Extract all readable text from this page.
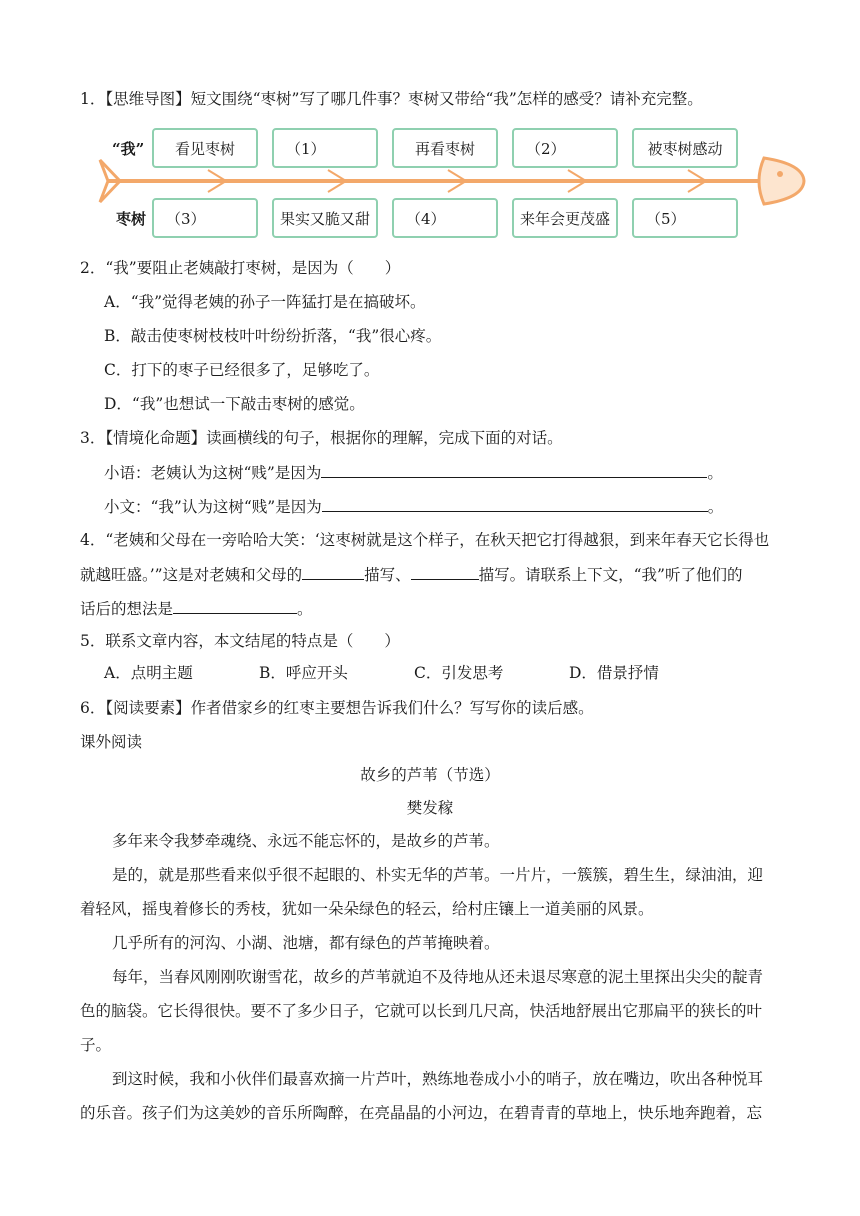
1．【思维导图】短文围绕“枣树”写了哪几件事？枣树又带给“我”怎样的感受？请补充完整。
“我”
枣树
看见枣树	（1）	再看枣树	（2）	被枣树感动
（3）	果实又脆又甜	（4）	来年会更茂盛	（5）
2．“我”要阻止老姨敲打枣树，是因为（　　）
A．“我”觉得老姨的孙子一阵猛打是在搞破坏。
B．敲击使枣树枝枝叶叶纷纷折落，“我”很心疼。
C．打下的枣子已经很多了，足够吃了。
D．“我”也想试一下敲击枣树的感觉。
3．【情境化命题】读画横线的句子，根据你的理解，完成下面的对话。
小语：老姨认为这树“贱”是因为	。
小文：“我”认为这树“贱”是因为	。
4．“老姨和父母在一旁哈哈大笑：‘这枣树就是这个样子，在秋天把它打得越狠，到来年春天它长得也
就越旺盛。’”这是对老姨和父母的	描写、	描写。请联系上下文，“我”听了他们的
话后的想法是	。
5．联系文章内容，本文结尾的特点是（　　）
A．点明主题	B．呼应开头	C．引发思考	D．借景抒情
6．【阅读要素】作者借家乡的红枣主要想告诉我们什么？写写你的读后感。
课外阅读
故乡的芦苇（节选）
樊发稼
多年来令我梦牵魂绕、永远不能忘怀的，是故乡的芦苇。
是的，就是那些看来似乎很不起眼的、朴实无华的芦苇。一片片，一簇簇，碧生生，绿油油，迎
着轻风，摇曳着修长的秀枝，犹如一朵朵绿色的轻云，给村庄镶上一道美丽的风景。
几乎所有的河沟、小湖、池塘，都有绿色的芦苇掩映着。
每年，当春风刚刚吹谢雪花，故乡的芦苇就迫不及待地从还未退尽寒意的泥土里探出尖尖的靛青
色的脑袋。它长得很快。要不了多少日子，它就可以长到几尺高，快活地舒展出它那扁平的狭长的叶
子。
到这时候，我和小伙伴们最喜欢摘一片芦叶，熟练地卷成小小的哨子，放在嘴边，吹出各种悦耳
的乐音。孩子们为这美妙的音乐所陶醉，在亮晶晶的小河边，在碧青青的草地上，快乐地奔跑着，忘
